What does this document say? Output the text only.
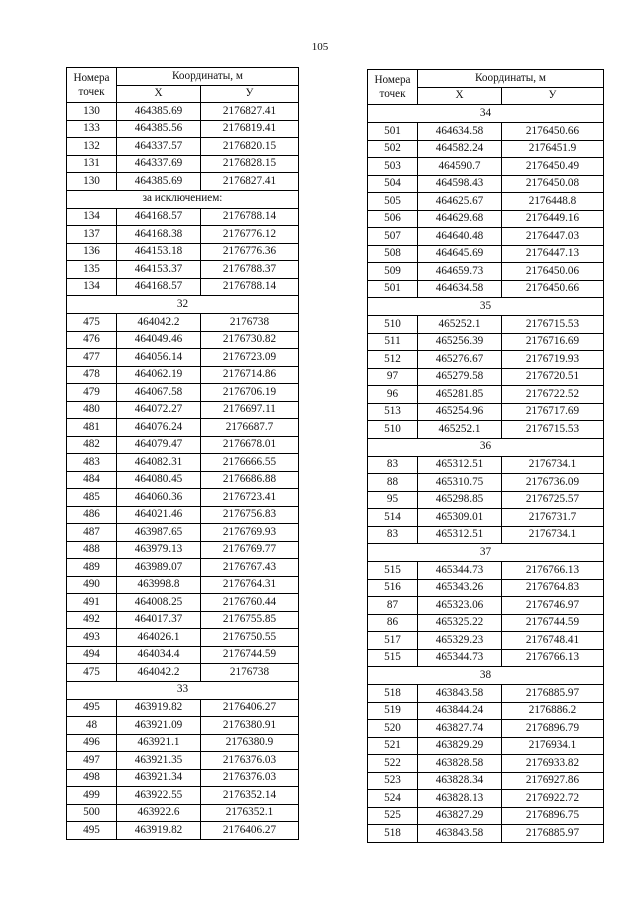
105
Номера
точек	Координаты, м	
	X	У
130	464385.69	2176827.41
133	464385.56	2176819.41
132	464337.57	2176820.15
131	464337.69	2176828.15
130	464385.69	2176827.41
за исключением:		
134	464168.57	2176788.14
137	464168.38	2176776.12
136	464153.18	2176776.36
135	464153.37	2176788.37
134	464168.57	2176788.14
32		
475	464042.2	2176738
476	464049.46	2176730.82
477	464056.14	2176723.09
478	464062.19	2176714.86
479	464067.58	2176706.19
480	464072.27	2176697.11
481	464076.24	2176687.7
482	464079.47	2176678.01
483	464082.31	2176666.55
484	464080.45	2176686.88
485	464060.36	2176723.41
486	464021.46	2176756.83
487	463987.65	2176769.93
488	463979.13	2176769.77
489	463989.07	2176767.43
490	463998.8	2176764.31
491	464008.25	2176760.44
492	464017.37	2176755.85
493	464026.1	2176750.55
494	464034.4	2176744.59
475	464042.2	2176738
33		
495	463919.82	2176406.27
48	463921.09	2176380.91
496	463921.1	2176380.9
497	463921.35	2176376.03
498	463921.34	2176376.03
499	463922.55	2176352.14
500	463922.6	2176352.1
495	463919.82	2176406.27
Номера
точек	Координаты, м	
	X	У
34		
501	464634.58	2176450.66
502	464582.24	2176451.9
503	464590.7	2176450.49
504	464598.43	2176450.08
505	464625.67	2176448.8
506	464629.68	2176449.16
507	464640.48	2176447.03
508	464645.69	2176447.13
509	464659.73	2176450.06
501	464634.58	2176450.66
35		
510	465252.1	2176715.53
511	465256.39	2176716.69
512	465276.67	2176719.93
97	465279.58	2176720.51
96	465281.85	2176722.52
513	465254.96	2176717.69
510	465252.1	2176715.53
36		
83	465312.51	2176734.1
88	465310.75	2176736.09
95	465298.85	2176725.57
514	465309.01	2176731.7
83	465312.51	2176734.1
37		
515	465344.73	2176766.13
516	465343.26	2176764.83
87	465323.06	2176746.97
86	465325.22	2176744.59
517	465329.23	2176748.41
515	465344.73	2176766.13
38		
518	463843.58	2176885.97
519	463844.24	2176886.2
520	463827.74	2176896.79
521	463829.29	2176934.1
522	463828.58	2176933.82
523	463828.34	2176927.86
524	463828.13	2176922.72
525	463827.29	2176896.75
518	463843.58	2176885.97
